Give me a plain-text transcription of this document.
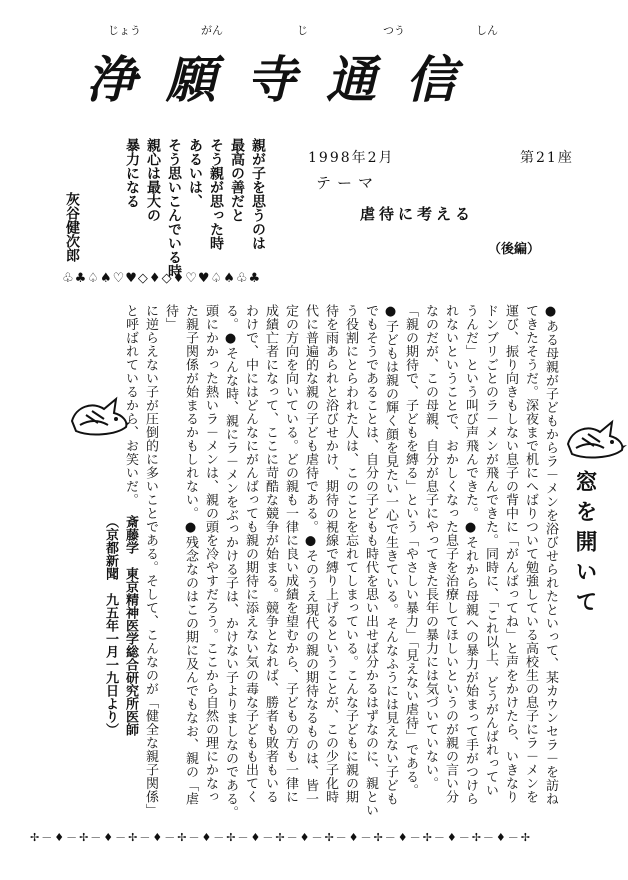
じょう	がん	じ	つう	しん
浄願寺通信
親が子を思うのは
最高の善だと
そう親が思った時
あるいは、
そう思いこんでいる時
親心は最大の
暴力になる
灰谷健次郎
1998年2月	第21座
テーマ
虐待に考える
（後編）
♧♣♤♠♡♥◇♦◇♦♡♥♤♠♧♣
窓を開いて
●ある母親が子どもからラ－メンを浴びせられたといって、某カウンセラ－を訪ね
てきたそうだ。深夜まで机にへばりついて勉強している高校生の息子にラ－メンを
運び、振り向きもしない息子の背中に「がんばってね」と声をかけたら、いきなり
ドンブリごとのラ－メンが飛んできた。同時に、「これ以上、どうがんばれってい
うんだ」という叫び声飛んできた。●それから母親への暴力が始まって手がつけら
れないということで、おかしくなった息子を治療してほしいというのが親の言い分
なのだが、この母親、自分が息子にやってきた長年の暴力には気づいていない。
「親の期待で、子どもを縛る」という「やさしい暴力」「見えない虐待」である。
●子どもは親の輝く顔を見たい一心で生きている。そんなふうには見えない子ども
でもそうであることは、自分の子どもも時代を思い出せば分かるはずなのに、親という役割にとらわれた人は、このことを忘れてしまっている。こんな子どもに親の期
待を雨あられと浴びせかけ、期待の視線で縛り上げるということが、この少子化時
代に普遍的な親の子ども虐待である。●そのうえ現代の親の期待なるものは、皆一
定の方向を向いている。どの親も一律に良い成績を望むから、子どもの方も一律に
成績亡者になって、ここに苛酷な競争が始まる。競争となれば、勝者も敗者もいる
わけで、中にはどんなにがんばっても親の期待に添えない気の毒な子どもも出てく
る。●そんな時、親にラ－メンをぶっかける子は、かけない子よりましなのである。
頭にかかった熱いラ－メンは、親の頭を冷やすだろう。ここから自然の理にかなっ
た親子関係が始まるかもしれない。●残念なのはこの期に及んでもなお、親の「虐待」
に逆らえない子が圧倒的に多いことである。そして、こんなのが「健全な親子関係」
と呼ばれているから、お笑いだ。
斎藤学　東京精神医学総合研究所医師
（京都新聞　九五年一月一九日より）
✢－♦－✢－♦－✢－♦－✢－♦－✢－♦－✢－♦－✢－♦－✢－♦－✢－♦－✢－♦－✢
